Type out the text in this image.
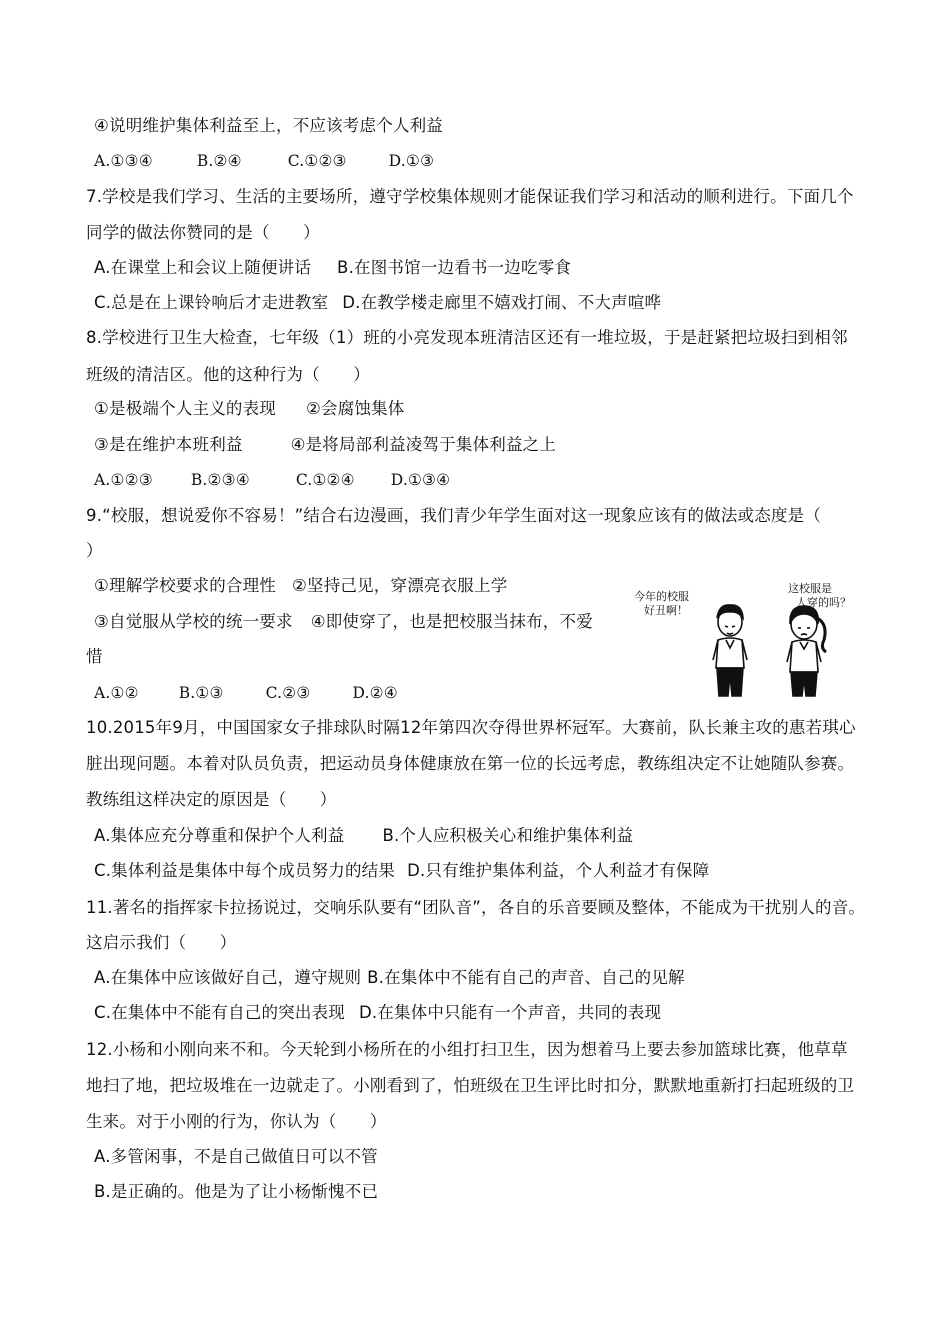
④说明维护集体利益至上，不应该考虑个人利益
A.①③④	B.②④	C.①②③	D.①③
7.学校是我们学习、生活的主要场所，遵守学校集体规则才能保证我们学习和活动的顺利进行。下面几个
同学的做法你赞同的是（　　）
A.在课堂上和会议上随便讲话 B.在图书馆一边看书一边吃零食
C.总是在上课铃响后才走进教室 D.在教学楼走廊里不嬉戏打闹、不大声喧哗
8.学校进行卫生大检查，七年级（1）班的小亮发现本班清洁区还有一堆垃圾，于是赶紧把垃圾扫到相邻
班级的清洁区。他的这种行为（　　）
①是极端个人主义的表现 ②会腐蚀集体
③是在维护本班利益	④是将局部利益凌驾于集体利益之上
A.①②③ B.②③④	C.①②④ D.①③④
9.“校服，想说爱你不容易！”结合右边漫画，我们青少年学生面对这一现象应该有的做法或态度是（
）
①理解学校要求的合理性 ②坚持己见，穿漂亮衣服上学
③自觉服从学校的统一要求 ④即使穿了，也是把校服当抹布，不爱
惜
A.①②	B.①③	C.②③	D.②④
今年的校服
好丑啊！
这校服是
人穿的吗？
10.2015年9月，中国国家女子排球队时隔12年第四次夺得世界杯冠军。大赛前，队长兼主攻的惠若琪心
脏出现问题。本着对队员负责，把运动员身体健康放在第一位的长远考虑，教练组决定不让她随队参赛。
教练组这样决定的原因是（　　）
A.集体应充分尊重和保护个人利益 B.个人应积极关心和维护集体利益
C.集体利益是集体中每个成员努力的结果 D.只有维护集体利益，个人利益才有保障
11.著名的指挥家卡拉扬说过，交响乐队要有“团队音”，各自的乐音要顾及整体，不能成为干扰别人的音。
这启示我们（　　）
A.在集体中应该做好自己，遵守规则 B.在集体中不能有自己的声音、自己的见解
C.在集体中不能有自己的突出表现 D.在集体中只能有一个声音，共同的表现
12.小杨和小刚向来不和。今天轮到小杨所在的小组打扫卫生，因为想着马上要去参加篮球比赛，他草草
地扫了地，把垃圾堆在一边就走了。小刚看到了，怕班级在卫生评比时扣分，默默地重新打扫起班级的卫
生来。对于小刚的行为，你认为（　　）
A.多管闲事，不是自己做值日可以不管
B.是正确的。他是为了让小杨惭愧不已
